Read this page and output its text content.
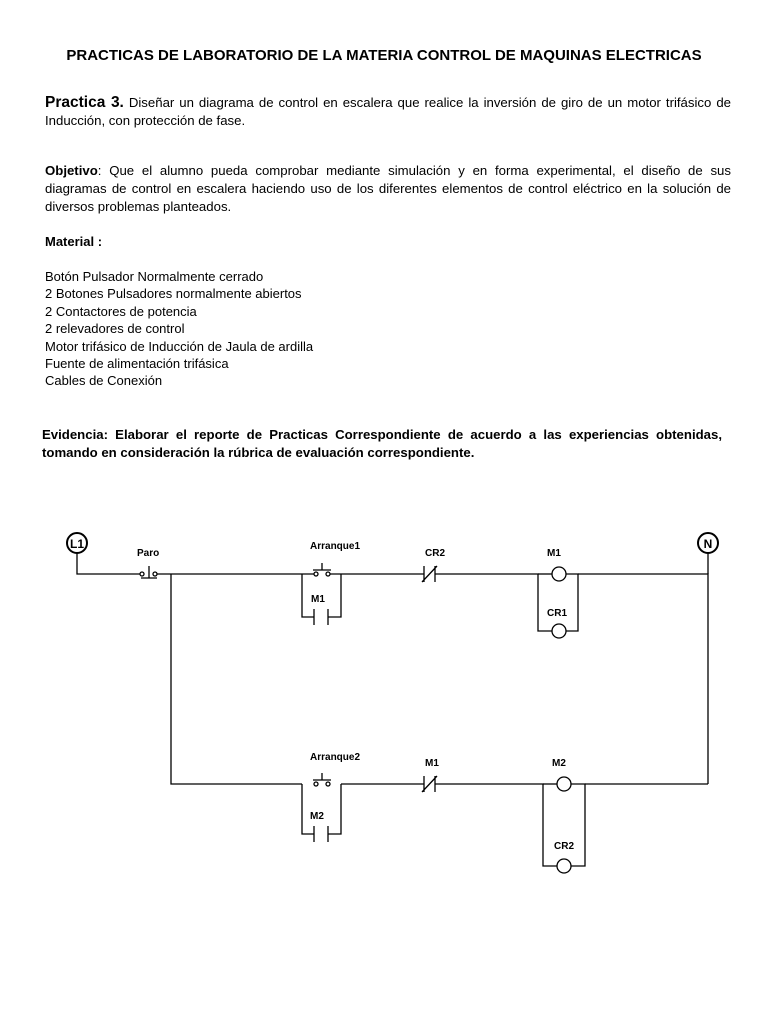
PRACTICAS DE LABORATORIO DE LA MATERIA CONTROL DE MAQUINAS ELECTRICAS
Practica 3. Diseñar un diagrama de control en escalera que realice la inversión de giro de un motor trifásico de Inducción, con protección de fase.
Objetivo: Que el alumno pueda comprobar mediante simulación y en forma experimental, el diseño de sus diagramas de control en escalera haciendo uso de los diferentes elementos de control eléctrico en la solución de diversos problemas planteados.
Material :
Botón Pulsador Normalmente cerrado
2 Botones Pulsadores normalmente abiertos
2 Contactores de potencia
2 relevadores de control
Motor trifásico de Inducción de Jaula de ardilla
Fuente de alimentación trifásica
Cables de Conexión
Evidencia: Elaborar el reporte de Practicas Correspondiente de acuerdo a las experiencias obtenidas, tomando en consideración la rúbrica de evaluación correspondiente.
L1	N
Paro
Arranque1
M1
CR2	M1
CR1
Arranque2
M2
M1	M2
CR2
